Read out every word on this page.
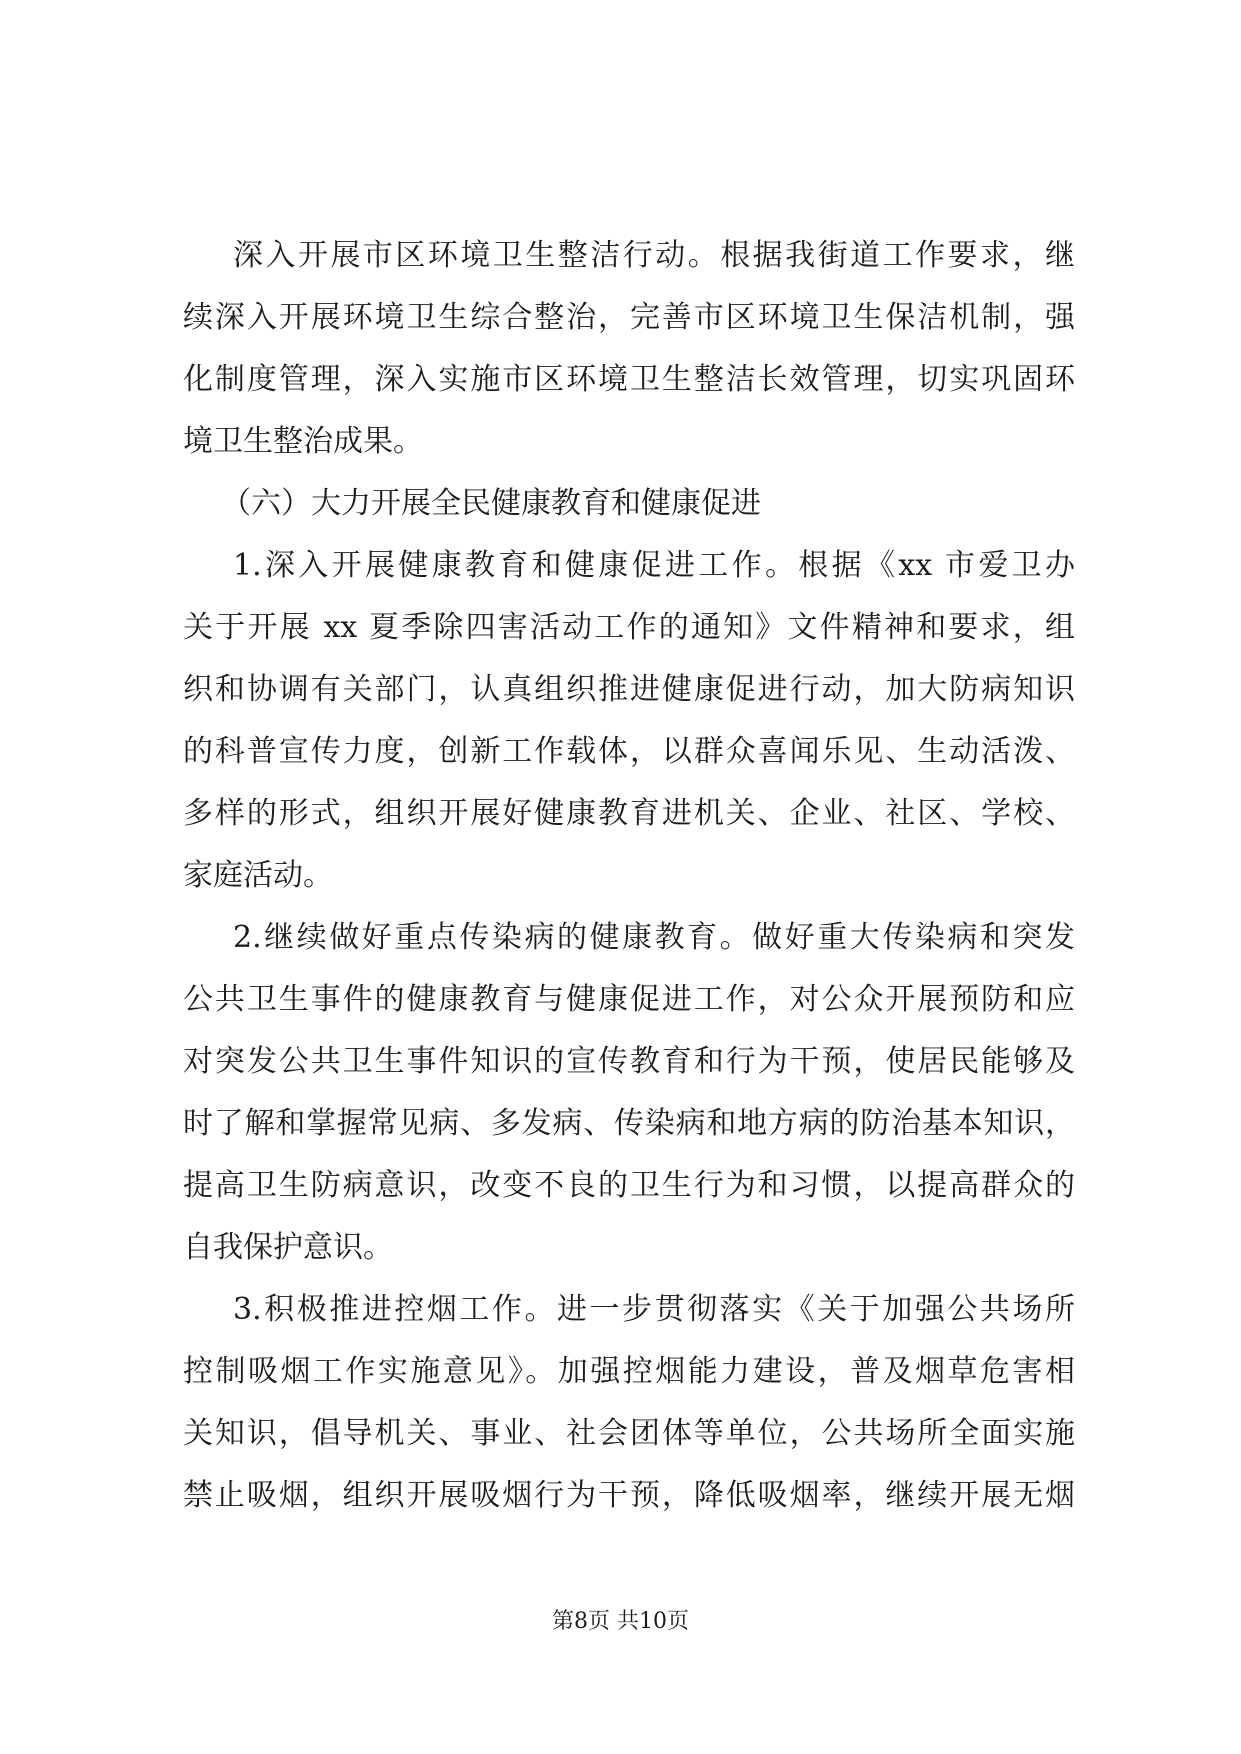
深入开展市区环境卫生整洁行动。根据我街道工作要求，继
续深入开展环境卫生综合整治，完善市区环境卫生保洁机制，强
化制度管理，深入实施市区环境卫生整洁长效管理，切实巩固环
境卫生整治成果。
（六）大力开展全民健康教育和健康促进
1.深入开展健康教育和健康促进工作。根据《xx 市爱卫办
关于开展 xx 夏季除四害活动工作的通知》文件精神和要求，组
织和协调有关部门，认真组织推进健康促进行动，加大防病知识
的科普宣传力度，创新工作载体，以群众喜闻乐见、生动活泼、
多样的形式，组织开展好健康教育进机关、企业、社区、学校、
家庭活动。
2.继续做好重点传染病的健康教育。做好重大传染病和突发
公共卫生事件的健康教育与健康促进工作，对公众开展预防和应
对突发公共卫生事件知识的宣传教育和行为干预，使居民能够及
时了解和掌握常见病、多发病、传染病和地方病的防治基本知识，
提高卫生防病意识，改变不良的卫生行为和习惯，以提高群众的
自我保护意识。
3.积极推进控烟工作。进一步贯彻落实《关于加强公共场所
控制吸烟工作实施意见》。加强控烟能力建设，普及烟草危害相
关知识，倡导机关、事业、社会团体等单位，公共场所全面实施
禁止吸烟，组织开展吸烟行为干预，降低吸烟率，继续开展无烟
第8页 共10页
